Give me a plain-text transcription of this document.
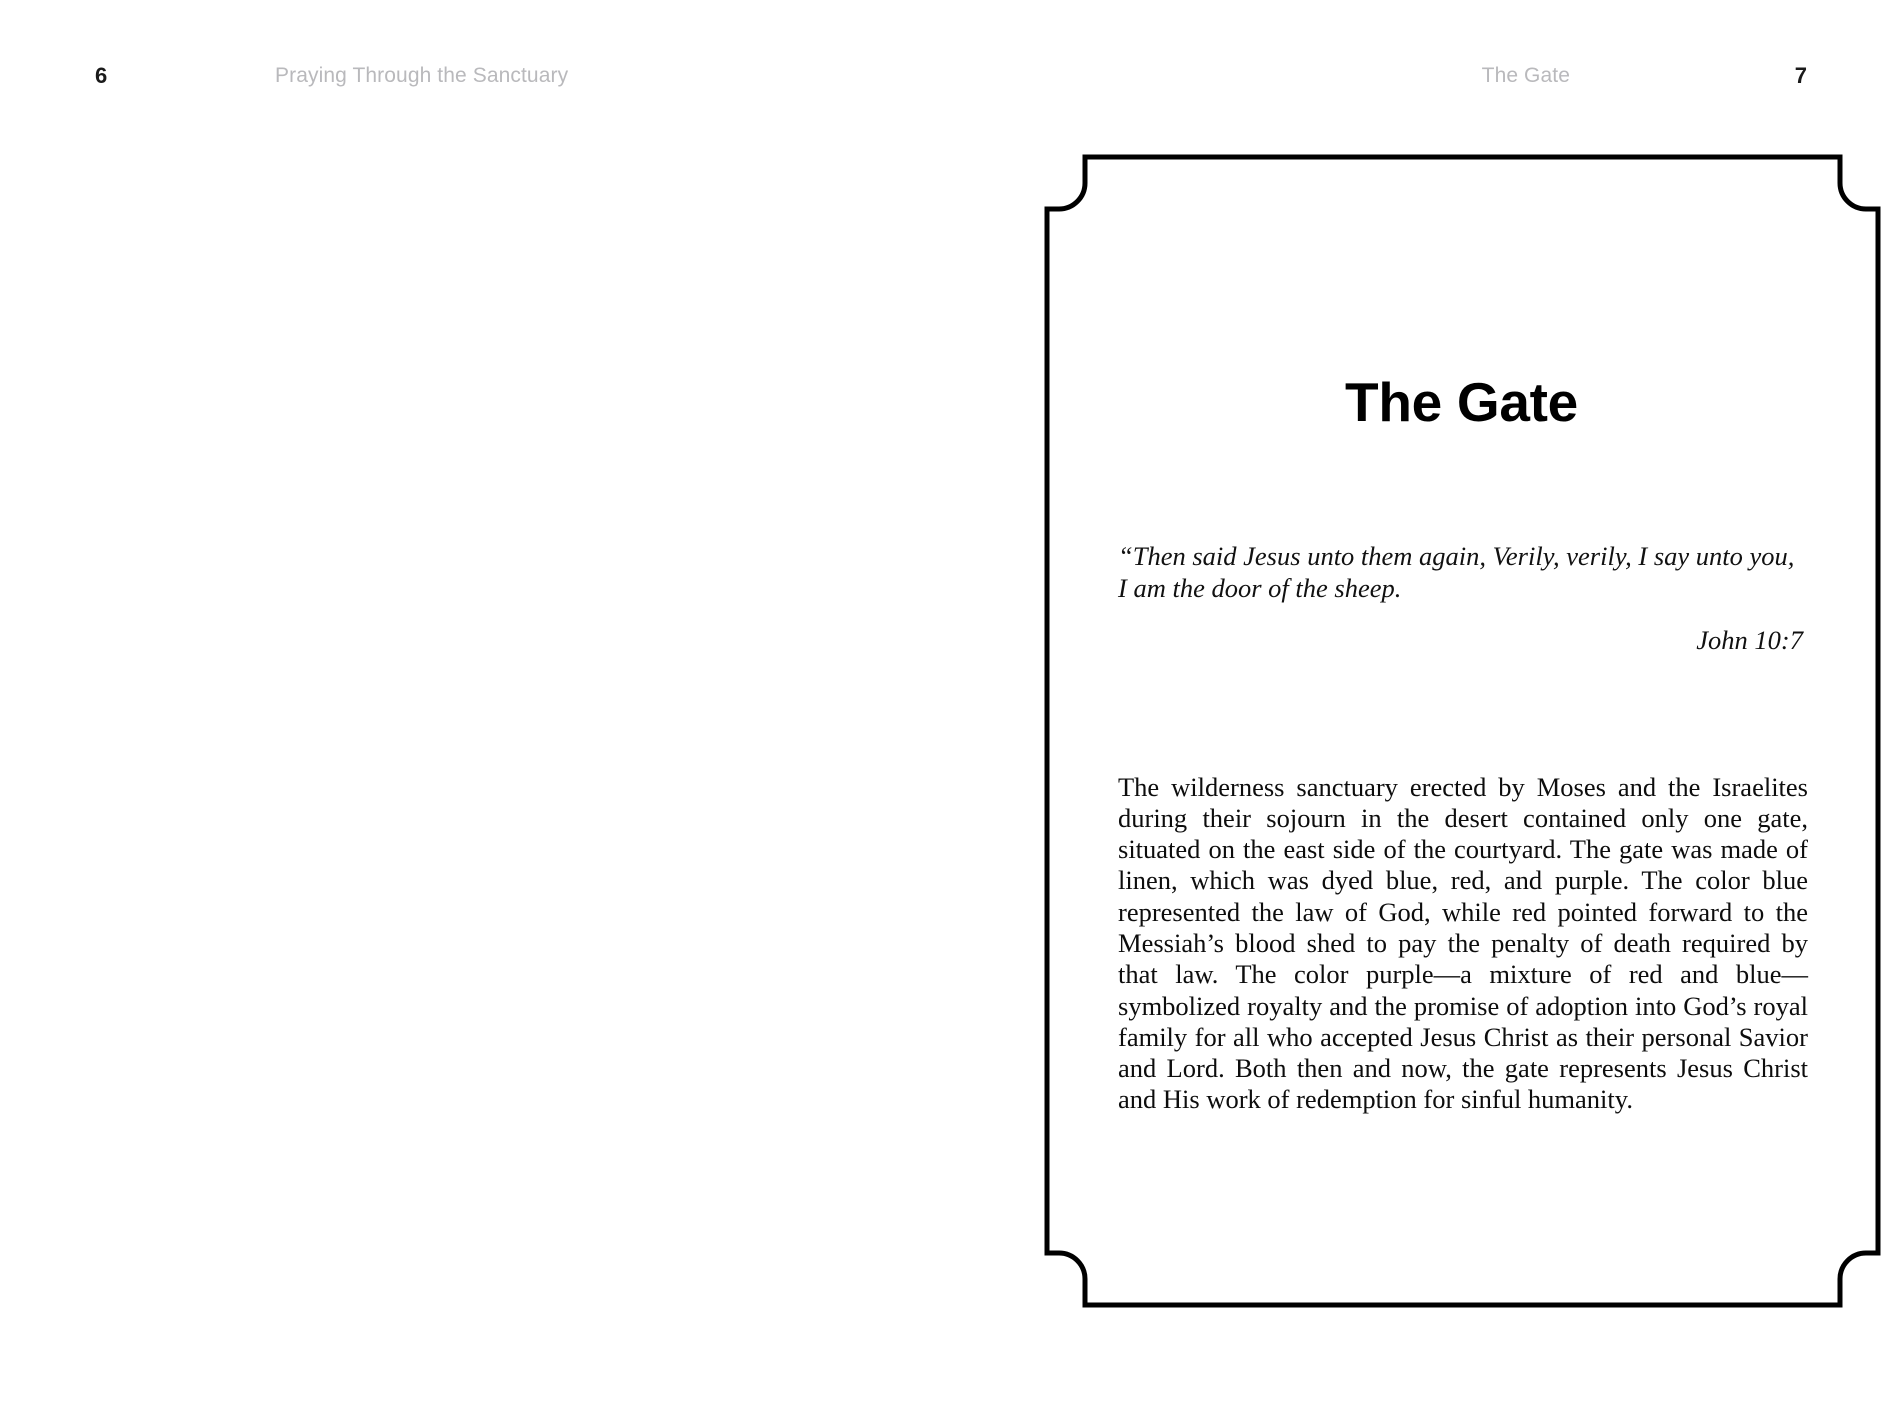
6	Praying Through the Sanctuary	The Gate	7
The Gate
“Then said Jesus unto them again, Verily, verily, I say unto you, I am the door of the sheep.
John 10:7

The wilderness sanctuary erected by Moses and the Israelites during their sojourn in the desert contained only one gate, situated on the east side of the courtyard. The gate was made of linen, which was dyed blue, red, and purple. The color blue represented the law of God, while red pointed forward to the Messiah’s blood shed to pay the penalty of death required by that law. The color purple—a mixture of red and blue—symbolized royalty and the promise of adoption into God’s royal family for all who accepted Jesus Christ as their personal Savior and Lord. Both then and now, the gate represents Jesus Christ and His work of redemption for sinful humanity.
